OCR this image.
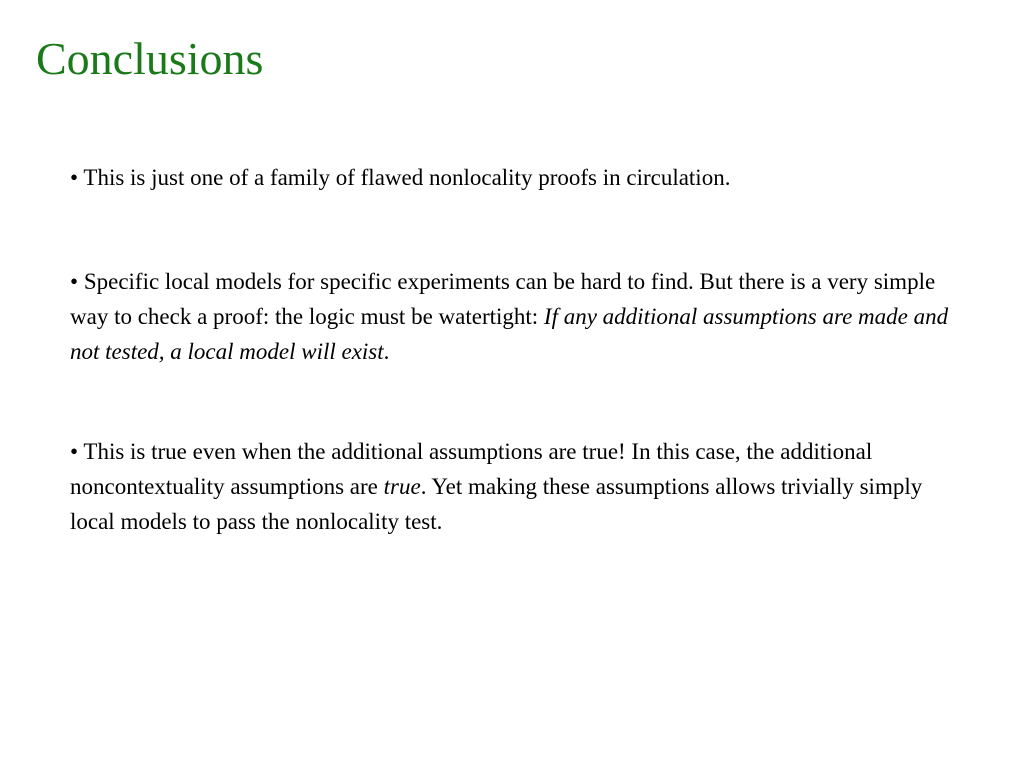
Conclusions

• This is just one of a family of flawed nonlocality proofs in circulation.

• Specific local models for specific experiments can be hard to find. But there is a very simple way to check a proof: the logic must be watertight: If any additional assumptions are made and not tested, a local model will exist.

• This is true even when the additional assumptions are true! In this case, the additional noncontextuality assumptions are true. Yet making these assumptions allows trivially simply local models to pass the nonlocality test.
